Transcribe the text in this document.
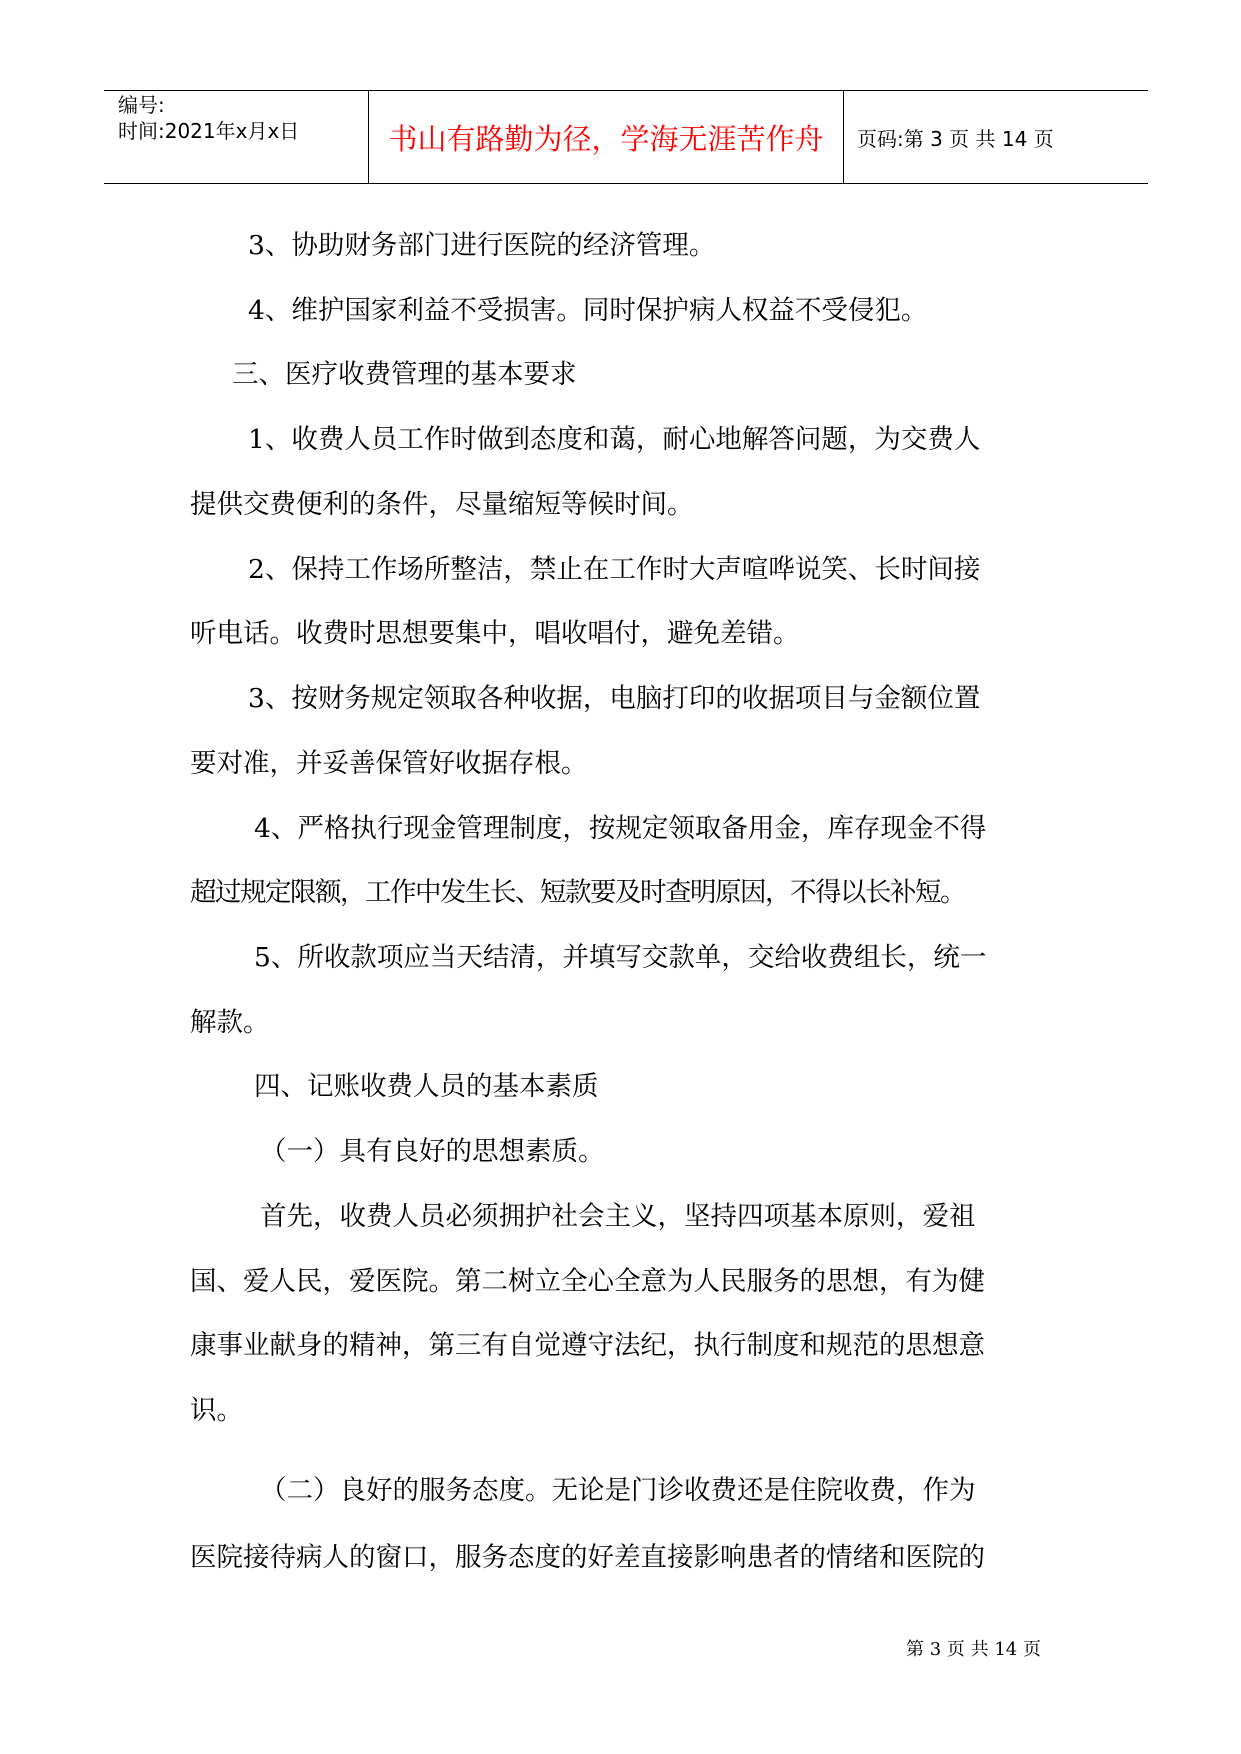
编号:
时间:2021年x月x日	书山有路勤为径，学海无涯苦作舟 页码:第 3 页 共 14 页
3、协助财务部门进行医院的经济管理。
4、维护国家利益不受损害。同时保护病人权益不受侵犯。
三、医疗收费管理的基本要求
1、收费人员工作时做到态度和蔼，耐心地解答问题，为交费人
提供交费便利的条件，尽量缩短等候时间。
2、保持工作场所整洁，禁止在工作时大声喧哗说笑、长时间接
听电话。收费时思想要集中，唱收唱付，避免差错。
3、按财务规定领取各种收据，电脑打印的收据项目与金额位置
要对准，并妥善保管好收据存根。
4、严格执行现金管理制度，按规定领取备用金，库存现金不得
超过规定限额，工作中发生长、短款要及时查明原因，不得以长补短。
5、所收款项应当天结清，并填写交款单，交给收费组长，统一
解款。
四、记账收费人员的基本素质
（一）具有良好的思想素质。
首先，收费人员必须拥护社会主义，坚持四项基本原则，爱祖
国、爱人民，爱医院。第二树立全心全意为人民服务的思想，有为健
康事业献身的精神，第三有自觉遵守法纪，执行制度和规范的思想意
识。
（二）良好的服务态度。无论是门诊收费还是住院收费，作为
医院接待病人的窗口，服务态度的好差直接影响患者的情绪和医院的
第 3 页 共 14 页
